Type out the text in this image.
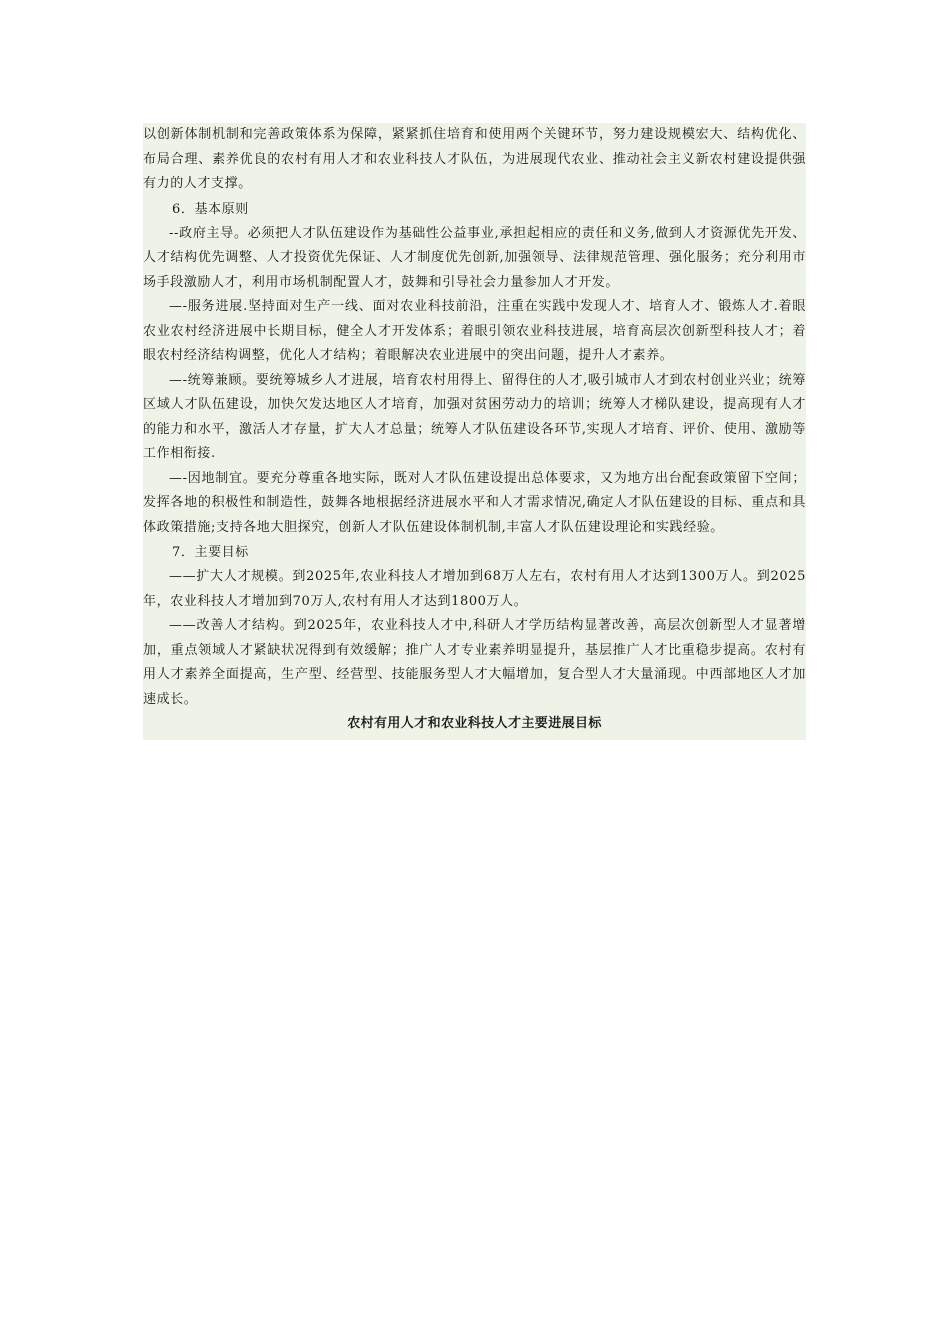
以创新体制机制和完善政策体系为保障，紧紧抓住培育和使用两个关键环节，努力建设规模宏大、结构优化、布局合理、素养优良的农村有用人才和农业科技人才队伍，为进展现代农业、推动社会主义新农村建设提供强有力的人才支撑。

6．基本原则

--政府主导。必须把人才队伍建设作为基础性公益事业,承担起相应的责任和义务,做到人才资源优先开发、人才结构优先调整、人才投资优先保证、人才制度优先创新,加强领导、法律规范管理、强化服务；充分利用市场手段激励人才，利用市场机制配置人才，鼓舞和引导社会力量参加人才开发。

—-服务进展.坚持面对生产一线、面对农业科技前沿，注重在实践中发现人才、培育人才、锻炼人才.着眼农业农村经济进展中长期目标，健全人才开发体系；着眼引领农业科技进展，培育高层次创新型科技人才；着眼农村经济结构调整，优化人才结构；着眼解决农业进展中的突出问题，提升人才素养。

—-统筹兼顾。要统筹城乡人才进展，培育农村用得上、留得住的人才,吸引城市人才到农村创业兴业；统筹区域人才队伍建设，加快欠发达地区人才培育，加强对贫困劳动力的培训；统筹人才梯队建设，提高现有人才的能力和水平，激活人才存量，扩大人才总量；统筹人才队伍建设各环节,实现人才培育、评价、使用、激励等工作相衔接.

—-因地制宜。要充分尊重各地实际，既对人才队伍建设提出总体要求，又为地方出台配套政策留下空间；发挥各地的积极性和制造性，鼓舞各地根据经济进展水平和人才需求情况,确定人才队伍建设的目标、重点和具体政策措施;支持各地大胆探究，创新人才队伍建设体制机制,丰富人才队伍建设理论和实践经验。

7．主要目标

——扩大人才规模。到2025年,农业科技人才增加到68万人左右，农村有用人才达到1300万人。到2025年，农业科技人才增加到70万人,农村有用人才达到1800万人。

——改善人才结构。到2025年，农业科技人才中,科研人才学历结构显著改善，高层次创新型人才显著增加，重点领域人才紧缺状况得到有效缓解；推广人才专业素养明显提升，基层推广人才比重稳步提高。农村有用人才素养全面提高，生产型、经营型、技能服务型人才大幅增加，复合型人才大量涌现。中西部地区人才加速成长。

农村有用人才和农业科技人才主要进展目标
